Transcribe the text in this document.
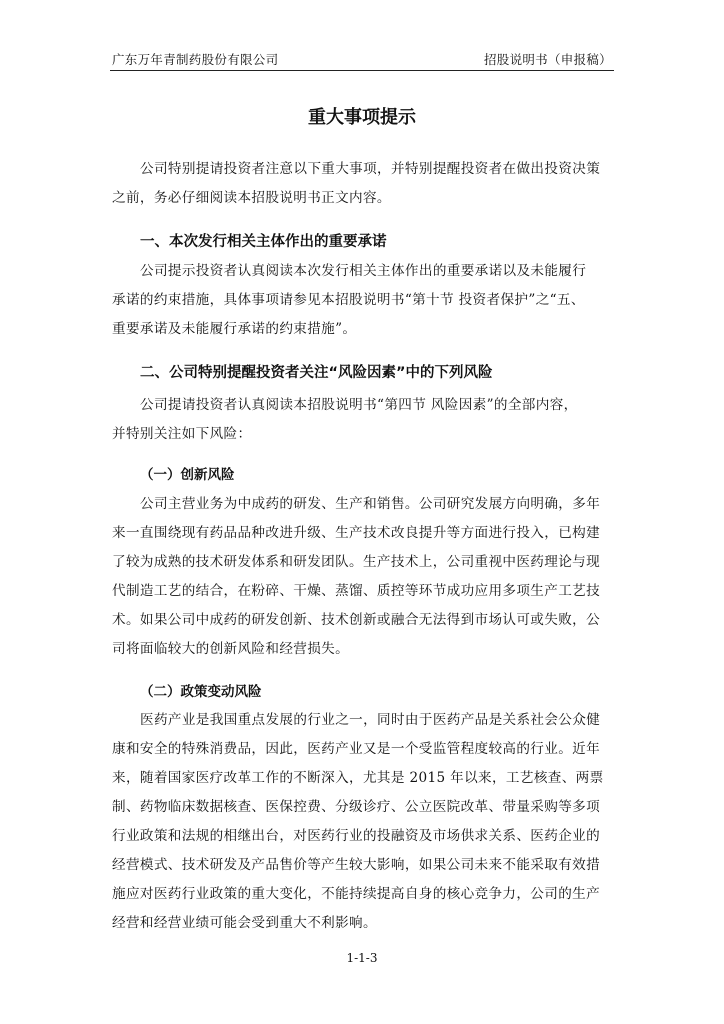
广东万年青制药股份有限公司	招股说明书（申报稿）
重大事项提示
公司特别提请投资者注意以下重大事项，并特别提醒投资者在做出投资决策
之前，务必仔细阅读本招股说明书正文内容。
一、本次发行相关主体作出的重要承诺
公司提示投资者认真阅读本次发行相关主体作出的重要承诺以及未能履行
承诺的约束措施，具体事项请参见本招股说明书“第十节 投资者保护”之“五、
重要承诺及未能履行承诺的约束措施”。
二、公司特别提醒投资者关注“风险因素”中的下列风险
公司提请投资者认真阅读本招股说明书“第四节 风险因素”的全部内容，
并特别关注如下风险：
（一）创新风险
公司主营业务为中成药的研发、生产和销售。公司研究发展方向明确，多年
来一直围绕现有药品品种改进升级、生产技术改良提升等方面进行投入，已构建
了较为成熟的技术研发体系和研发团队。生产技术上，公司重视中医药理论与现
代制造工艺的结合，在粉碎、干燥、蒸馏、质控等环节成功应用多项生产工艺技
术。如果公司中成药的研发创新、技术创新或融合无法得到市场认可或失败，公
司将面临较大的创新风险和经营损失。
（二）政策变动风险
医药产业是我国重点发展的行业之一，同时由于医药产品是关系社会公众健
康和安全的特殊消费品，因此，医药产业又是一个受监管程度较高的行业。近年
来，随着国家医疗改革工作的不断深入，尤其是 2015 年以来，工艺核查、两票
制、药物临床数据核查、医保控费、分级诊疗、公立医院改革、带量采购等多项
行业政策和法规的相继出台，对医药行业的投融资及市场供求关系、医药企业的
经营模式、技术研发及产品售价等产生较大影响，如果公司未来不能采取有效措
施应对医药行业政策的重大变化，不能持续提高自身的核心竞争力，公司的生产
经营和经营业绩可能会受到重大不利影响。
1-1-3
